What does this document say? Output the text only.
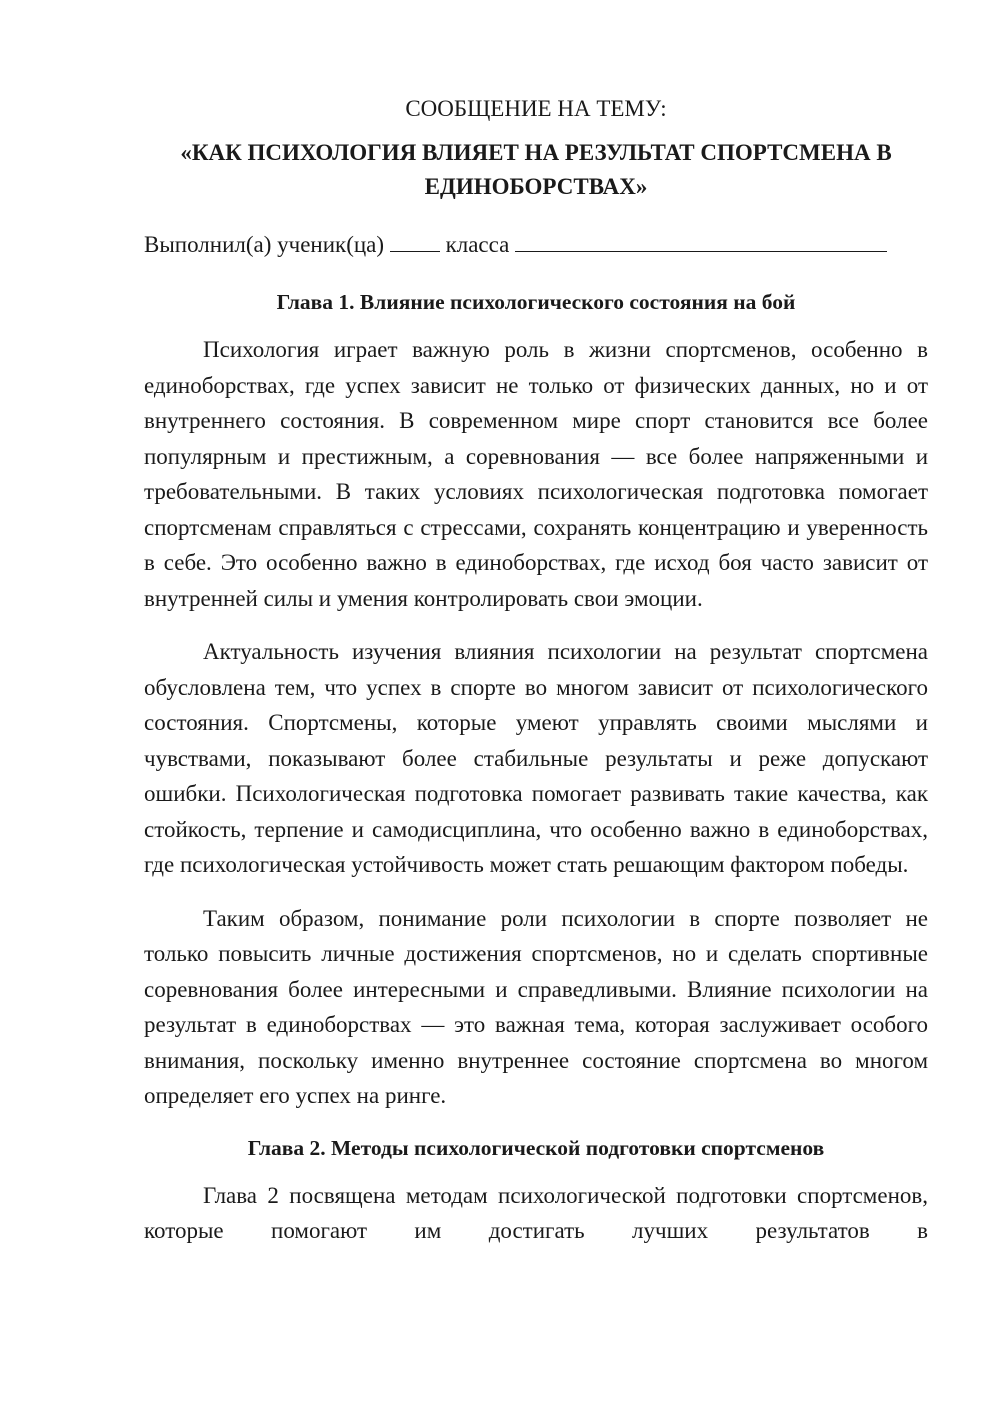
СООБЩЕНИЕ НА ТЕМУ:

«КАК ПСИХОЛОГИЯ ВЛИЯЕТ НА РЕЗУЛЬТАТ СПОРТСМЕНА В ЕДИНОБОРСТВАХ»

Выполнил(а) ученик(ца)	класса

Глава 1. Влияние психологического состояния на бой

Психология играет важную роль в жизни спортсменов, особенно в единоборствах, где успех зависит не только от физических данных, но и от внутреннего состояния. В современном мире спорт становится все более популярным и престижным, а соревнования — все более напряженными и требовательными. В таких условиях психологическая подготовка помогает спортсменам справляться с стрессами, сохранять концентрацию и уверенность в себе. Это особенно важно в единоборствах, где исход боя часто зависит от внутренней силы и умения контролировать свои эмоции.

Актуальность изучения влияния психологии на результат спортсмена обусловлена тем, что успех в спорте во многом зависит от психологического состояния. Спортсмены, которые умеют управлять своими мыслями и чувствами, показывают более стабильные результаты и реже допускают ошибки. Психологическая подготовка помогает развивать такие качества, как стойкость, терпение и самодисциплина, что особенно важно в единоборствах, где психологическая устойчивость может стать решающим фактором победы.

Таким образом, понимание роли психологии в спорте позволяет не только повысить личные достижения спортсменов, но и сделать спортивные соревнования более интересными и справедливыми. Влияние психологии на результат в единоборствах — это важная тема, которая заслуживает особого внимания, поскольку именно внутреннее состояние спортсмена во многом определяет его успех на ринге.

Глава 2. Методы психологической подготовки спортсменов

Глава 2 посвящена методам психологической подготовки спортсменов, которые помогают им достигать лучших результатов в
